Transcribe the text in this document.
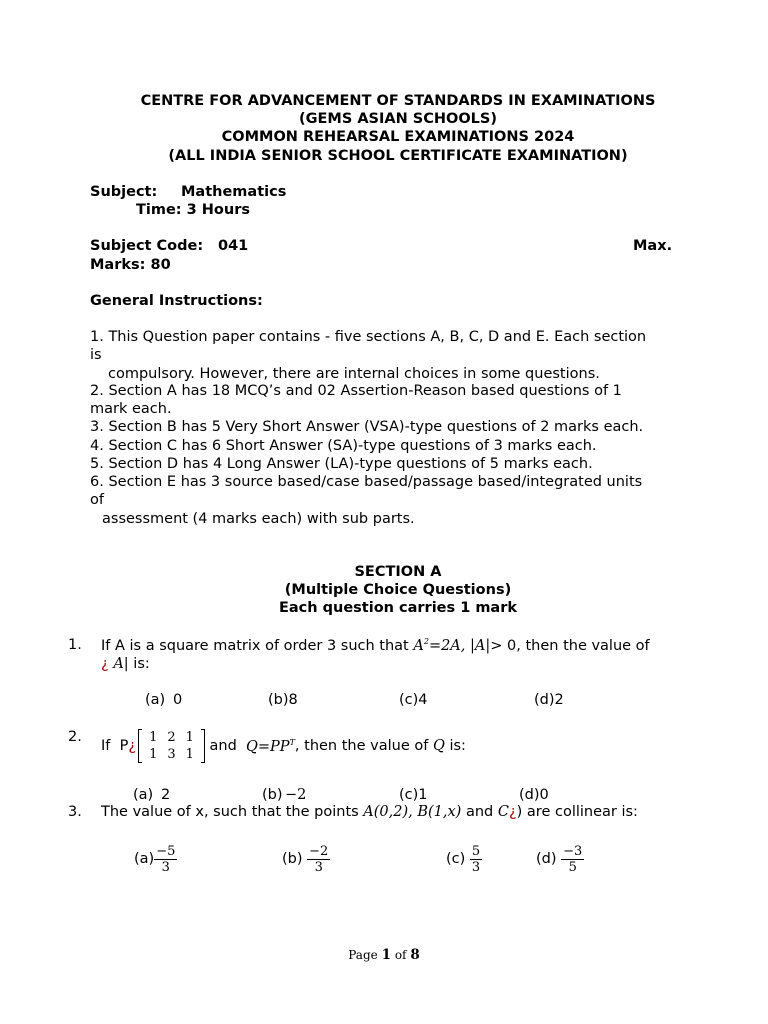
CENTRE FOR ADVANCEMENT OF STANDARDS IN EXAMINATIONS
(GEMS ASIAN SCHOOLS)
COMMON REHEARSAL EXAMINATIONS 2024
(ALL INDIA SENIOR SCHOOL CERTIFICATE EXAMINATION)
Subject: Mathematics
Time: 3 Hours
Subject Code: 041	Max.
Marks: 80
General Instructions:
1. This Question paper contains - five sections A, B, C, D and E. Each section
is
compulsory. However, there are internal choices in some questions.
2. Section A has 18 MCQ’s and 02 Assertion-Reason based questions of 1
mark each.
3. Section B has 5 Very Short Answer (VSA)-type questions of 2 marks each.
4. Section C has 6 Short Answer (SA)-type questions of 3 marks each.
5. Section D has 4 Long Answer (LA)-type questions of 5 marks each.
6. Section E has 3 source based/case based/passage based/integrated units
of
assessment (4 marks each) with sub parts.
SECTION A
(Multiple Choice Questions)
Each question carries 1 mark
1. If A is a square matrix of order 3 such that $A^2=2A$, |A|> 0, then the value of
¿ A| is:
(a) 0	(b)8	(c)4	(d)2
2.
If
P ¿
1	2	1
1	3	1

and
$Q=PP^T$ , then the value of
Q
is:
(a) 2	(b) −2	(c)1	(d)0
3. The value of x, such that the points A(0,2), B(1,x) and C¿) are collinear is:
$(a) \frac{-5}{3}$	(b)
$\frac{-2}{3}$	(c)
$\frac{5}{3}$	(d)
$\frac{-3}{5}$
Page 1 of 8
